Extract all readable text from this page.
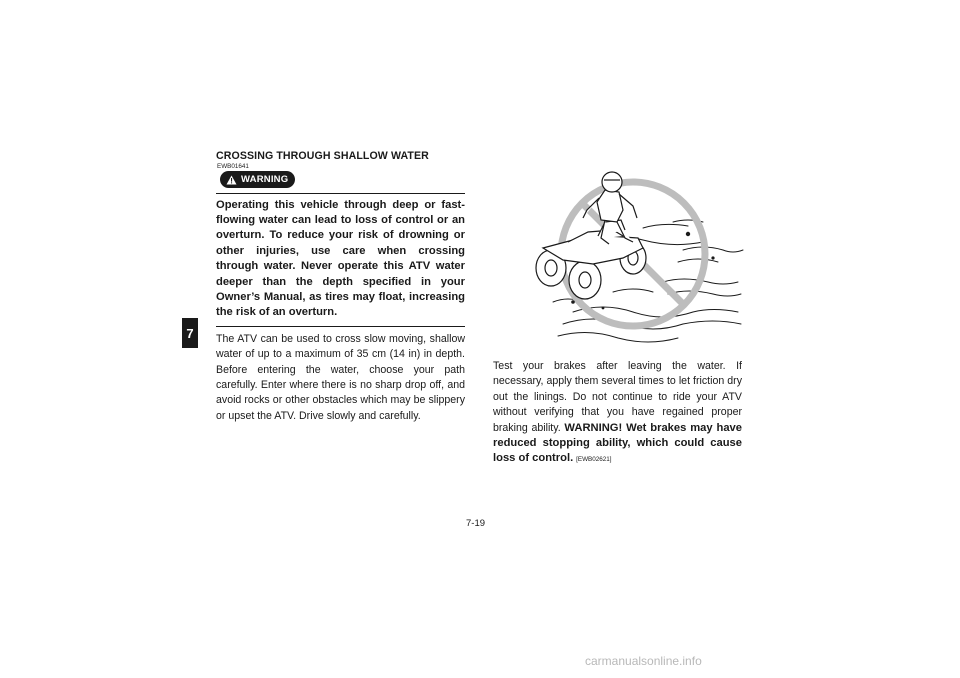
7
CROSSING THROUGH SHALLOW WATER
EWB01641
WARNING

Operating this vehicle through deep or fast-flowing water can lead to loss of control or an overturn. To reduce your risk of drowning or other injuries, use care when crossing through water. Never operate this ATV water deeper than the depth specified in your Owner’s Manual, as tires may float, increasing the risk of an overturn.

The ATV can be used to cross slow moving, shallow water of up to a maximum of 35 cm (14 in) in depth. Before entering the water, choose your path carefully. Enter where there is no sharp drop off, and avoid rocks or other obstacles which may be slippery or upset the ATV. Drive slowly and carefully.

Test your brakes after leaving the water. If necessary, apply them several times to let friction dry out the linings. Do not continue to ride your ATV without verifying that you have regained proper braking ability. WARNING! Wet brakes may have reduced stopping ability, which could cause loss of control. [EWB02621]

7-19
carmanualsonline.info
